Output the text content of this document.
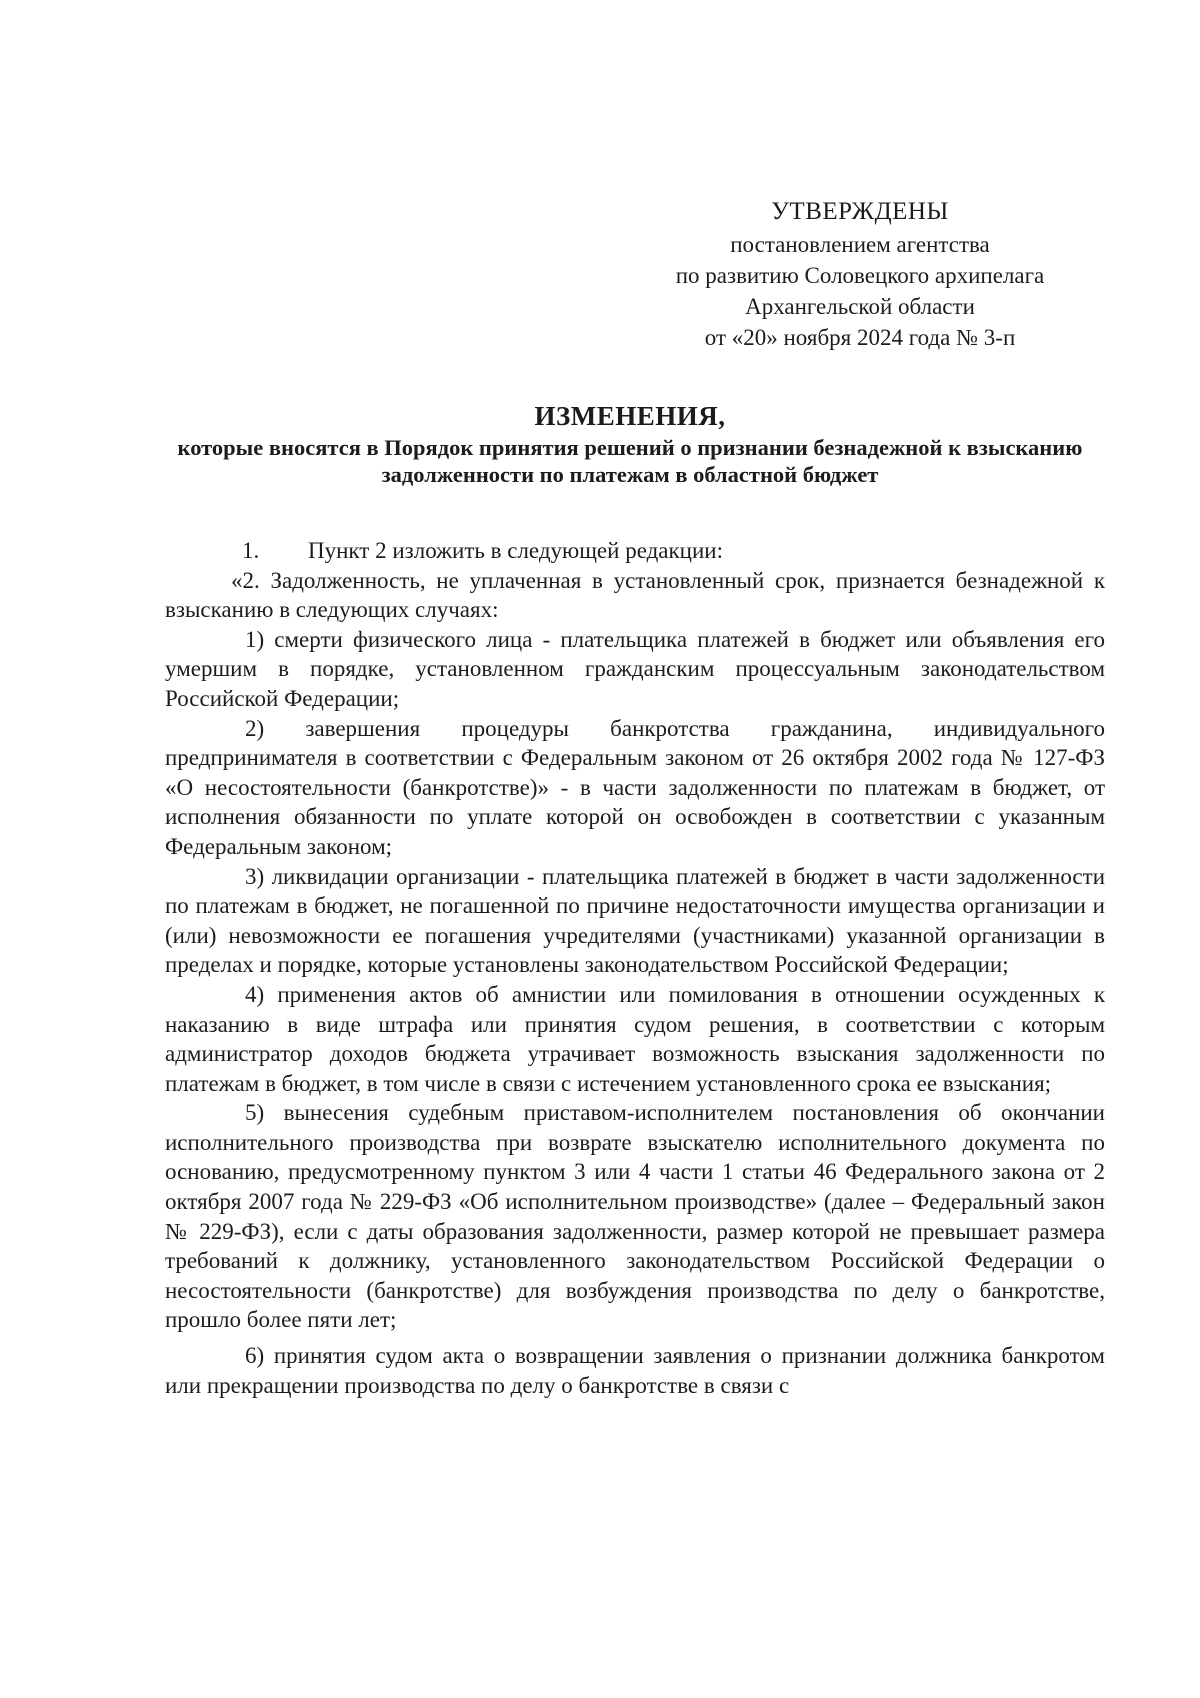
УТВЕРЖДЕНЫ
постановлением агентства
по развитию Соловецкого архипелага
Архангельской области
от «20» ноября 2024 года № 3-п
ИЗМЕНЕНИЯ,
которые вносятся в Порядок принятия решений о признании безнадежной к взысканию задолженности по платежам в областной бюджет

1. Пункт 2 изложить в следующей редакции:

«2. Задолженность, не уплаченная в установленный срок, признается безнадежной к взысканию в следующих случаях:

1) смерти физического лица - плательщика платежей в бюджет или объявления его умершим в порядке, установленном гражданским процессуальным законодательством Российской Федерации;

2) завершения процедуры банкротства гражданина, индивидуального предпринимателя в соответствии с Федеральным законом от 26 октября 2002 года № 127-ФЗ «О несостоятельности (банкротстве)» - в части задолженности по платежам в бюджет, от исполнения обязанности по уплате которой он освобожден в соответствии с указанным Федеральным законом;

3) ликвидации организации - плательщика платежей в бюджет в части задолженности по платежам в бюджет, не погашенной по причине недостаточности имущества организации и (или) невозможности ее погашения учредителями (участниками) указанной организации в пределах и порядке, которые установлены законодательством Российской Федерации;

4) применения актов об амнистии или помилования в отношении осужденных к наказанию в виде штрафа или принятия судом решения, в соответствии с которым администратор доходов бюджета утрачивает возможность взыскания задолженности по платежам в бюджет, в том числе в связи с истечением установленного срока ее взыскания;

5) вынесения судебным приставом-исполнителем постановления об окончании исполнительного производства при возврате взыскателю исполнительного документа по основанию, предусмотренному пунктом 3 или 4 части 1 статьи 46 Федерального закона от 2 октября 2007 года № 229-ФЗ «Об исполнительном производстве» (далее – Федеральный закон № 229-ФЗ), если с даты образования задолженности, размер которой не превышает размера требований к должнику, установленного законодательством Российской Федерации о несостоятельности (банкротстве) для возбуждения производства по делу о банкротстве, прошло более пяти лет;

6) принятия судом акта о возвращении заявления о признании должника банкротом или прекращении производства по делу о банкротстве в связи с
